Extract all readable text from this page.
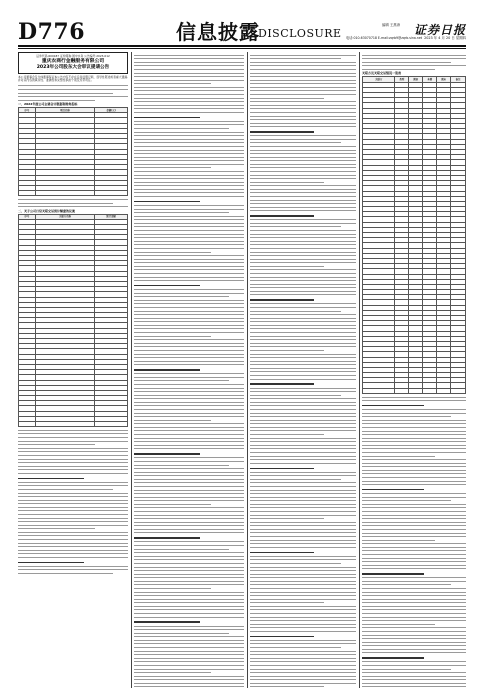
D776	信息披露
DISCLOSURE
编辑 王燕涛
电话:010-63070718 E-mail:zqrb9@zqrb.sina.net
证券日报
2023 年 4 月 20 日 星期四
证券代码:600187 证券简称:国中水务 公告编号:2023-012
重庆农商行金融服务有限公司
2023年公司股东大会审议提请公告
本公司董事会及全体董事保证本公告内容不存在任何虚假记载、误导性陈述或者重大遗漏,并对其内容的真实性、准确性和完整性承担个别及连带责任。
一、2022年度公司主要会计数据和财务指标
序号	项目名称	金额(元)

二、关于公司日常关联交易预计额度的议案
序号	关联方名称	预计金额

关联方及关联交易情况一览表
关联方	类型	期初	本期	期末	备注
